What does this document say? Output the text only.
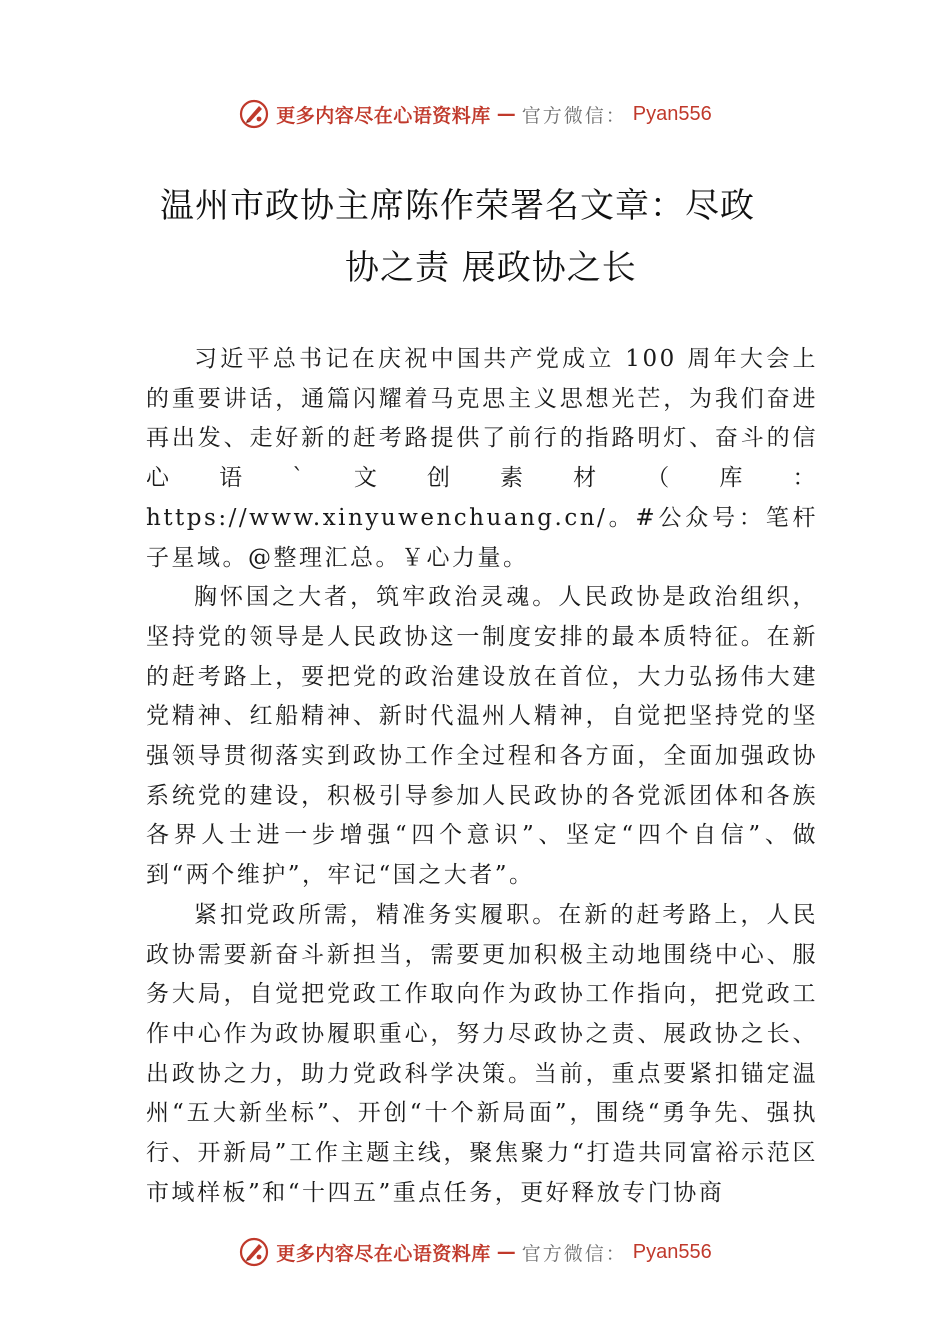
更多内容尽在心语资料库 — 官方微信： Pyan556
温州市政协主席陈作荣署名文章：尽政
协之责 展政协之长

习近平总书记在庆祝中国共产党成立 100 周年大会上的重要讲话，通篇闪耀着马克思主义思想光芒，为我们奋进再出发、走好新的赶考路提供了前行的指路明灯、奋斗的信心语`文创素材（库：https://www.xinyuwenchuang.cn/。#公众号：笔杆子星域。@整理汇总。￥心力量。

胸怀国之大者，筑牢政治灵魂。人民政协是政治组织，坚持党的领导是人民政协这一制度安排的最本质特征。在新的赶考路上，要把党的政治建设放在首位，大力弘扬伟大建党精神、红船精神、新时代温州人精神，自觉把坚持党的坚强领导贯彻落实到政协工作全过程和各方面，全面加强政协系统党的建设，积极引导参加人民政协的各党派团体和各族各界人士进一步增强“四个意识”、坚定“四个自信”、做到“两个维护”，牢记“国之大者”。

紧扣党政所需，精准务实履职。在新的赶考路上，人民政协需要新奋斗新担当，需要更加积极主动地围绕中心、服务大局，自觉把党政工作取向作为政协工作指向，把党政工作中心作为政协履职重心，努力尽政协之责、展政协之长、 出政协之力，助力党政科学决策。当前，重点要紧扣锚定温州“五大新坐标”、开创“十个新局面”，围绕“勇争先、强执行、开新局”工作主题主线，聚焦聚力“打造共同富裕示范区市域样板”和“十四五”重点任务，更好释放专门协商

更多内容尽在心语资料库 — 官方微信： Pyan556
